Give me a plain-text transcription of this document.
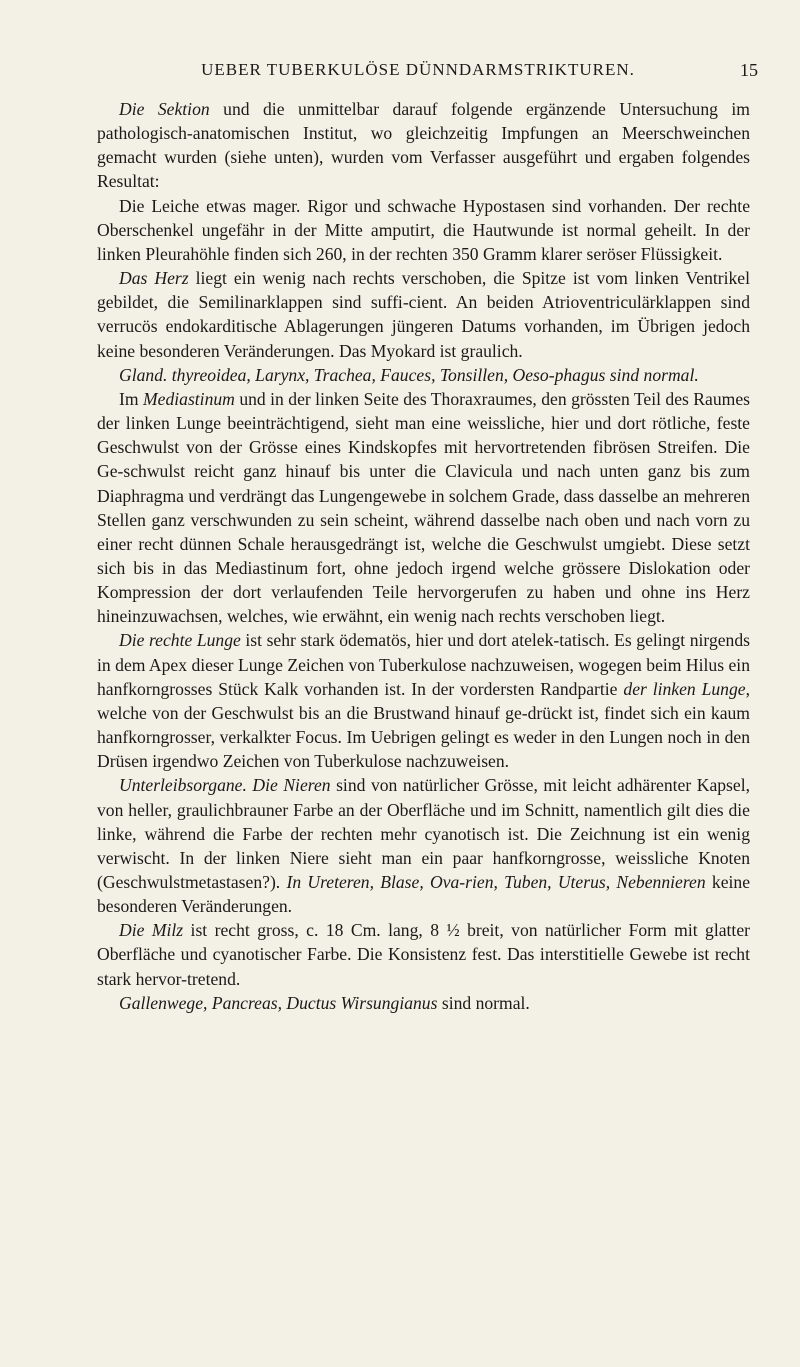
UEBER TUBERKULÖSE DÜNNDARMSTRIKTUREN.	15

Die Sektion und die unmittelbar darauf folgende ergänzende Untersuchung im pathologisch-anatomischen Institut, wo gleichzeitig Impfungen an Meerschweinchen gemacht wurden (siehe unten), wurden vom Verfasser ausgeführt und ergaben folgendes Resultat:

Die Leiche etwas mager. Rigor und schwache Hypostasen sind vorhanden. Der rechte Oberschenkel ungefähr in der Mitte amputirt, die Hautwunde ist normal geheilt. In der linken Pleurahöhle finden sich 260, in der rechten 350 Gramm klarer seröser Flüssigkeit.

Das Herz liegt ein wenig nach rechts verschoben, die Spitze ist vom linken Ventrikel gebildet, die Semilinarklappen sind suffi-cient. An beiden Atrioventriculärklappen sind verrucös endokarditische Ablagerungen jüngeren Datums vorhanden, im Übrigen jedoch keine besonderen Veränderungen. Das Myokard ist graulich.

Gland. thyreoidea, Larynx, Trachea, Fauces, Tonsillen, Oeso-phagus sind normal.

Im Mediastinum und in der linken Seite des Thoraxraumes, den grössten Teil des Raumes der linken Lunge beeinträchtigend, sieht man eine weissliche, hier und dort rötliche, feste Geschwulst von der Grösse eines Kindskopfes mit hervortretenden fibrösen Streifen. Die Ge-schwulst reicht ganz hinauf bis unter die Clavicula und nach unten ganz bis zum Diaphragma und verdrängt das Lungengewebe in solchem Grade, dass dasselbe an mehreren Stellen ganz verschwunden zu sein scheint, während dasselbe nach oben und nach vorn zu einer recht dünnen Schale herausgedrängt ist, welche die Geschwulst umgiebt. Diese setzt sich bis in das Mediastinum fort, ohne jedoch irgend welche grössere Dislokation oder Kompression der dort verlaufenden Teile hervorgerufen zu haben und ohne ins Herz hineinzuwachsen, welches, wie erwähnt, ein wenig nach rechts verschoben liegt.

Die rechte Lunge ist sehr stark ödematös, hier und dort atelek-tatisch. Es gelingt nirgends in dem Apex dieser Lunge Zeichen von Tuberkulose nachzuweisen, wogegen beim Hilus ein hanfkorngrosses Stück Kalk vorhanden ist. In der vordersten Randpartie der linken Lunge, welche von der Geschwulst bis an die Brustwand hinauf ge-drückt ist, findet sich ein kaum hanfkorngrosser, verkalkter Focus. Im Uebrigen gelingt es weder in den Lungen noch in den Drüsen irgendwo Zeichen von Tuberkulose nachzuweisen.

Unterleibsorgane. Die Nieren sind von natürlicher Grösse, mit leicht adhärenter Kapsel, von heller, graulichbrauner Farbe an der Oberfläche und im Schnitt, namentlich gilt dies die linke, während die Farbe der rechten mehr cyanotisch ist. Die Zeichnung ist ein wenig verwischt. In der linken Niere sieht man ein paar hanfkorngrosse, weissliche Knoten (Geschwulstmetastasen?). In Ureteren, Blase, Ova-rien, Tuben, Uterus, Nebennieren keine besonderen Veränderungen.

Die Milz ist recht gross, c. 18 Cm. lang, 8 ½ breit, von natürlicher Form mit glatter Oberfläche und cyanotischer Farbe. Die Konsistenz fest. Das interstitielle Gewebe ist recht stark hervor-tretend.

Gallenwege, Pancreas, Ductus Wirsungianus sind normal.
